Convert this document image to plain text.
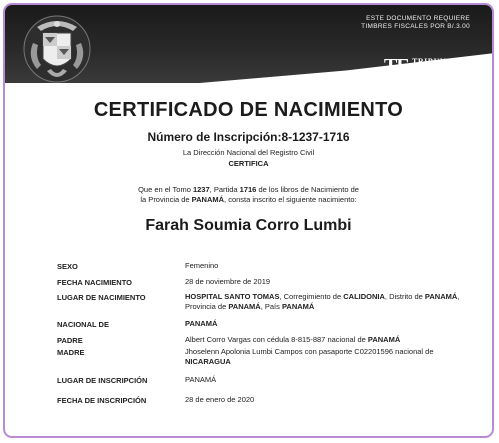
ESTE DOCUMENTO REQUIERE
TIMBRES FISCALES POR B/.3.00
TE TRIBUNAL
ELECTORAL
CERTIFICADO DE NACIMIENTO
Número de Inscripción:8-1237-1716
La Dirección Nacional del Registro Civil
CERTIFICA
Que en el Tomo 1237, Partida 1716 de los libros de Nacimiento de
la Provincia de PANAMÁ, consta inscrito el siguiente nacimiento:
Farah Soumia Corro Lumbi
SEXO	Femenino
FECHA NACIMIENTO	28 de noviembre de 2019
LUGAR DE NACIMIENTO	HOSPITAL SANTO TOMAS, Corregimiento de CALIDONIA, Distrito de PANAMÁ,
Provincia de PANAMÁ, País PANAMÁ
NACIONAL DE	PANAMÁ
PADRE	Albert Corro Vargas con cédula 8-815-887 nacional de PANAMÁ
MADRE	Jhoselenn Apolonia Lumbi Campos con pasaporte C02201596 nacional de
NICARAGUA
LUGAR DE INSCRIPCIÓN	PANAMÁ
FECHA DE INSCRIPCIÓN	28 de enero de 2020
